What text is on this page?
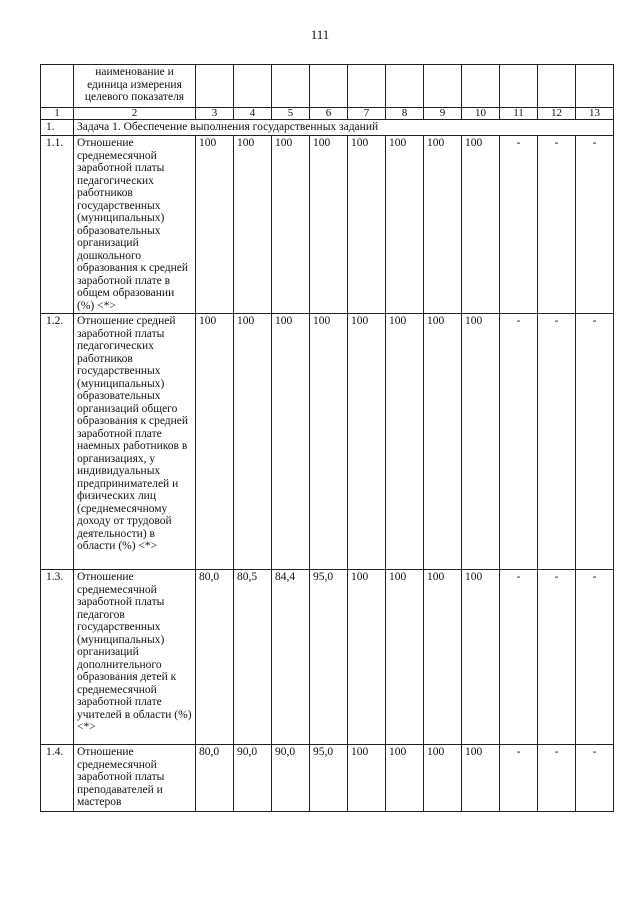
111
	наименование и единица измерения целевого показателя											
1	2	3	4	5	6	7	8	9	10	11	12	13
1.	Задача 1. Обеспечение выполнения государственных заданий											
1.1.	Отношение среднемесячной заработной платы педагогических работников государственных (муниципальных) образовательных организаций дошкольного образования к средней заработной плате в общем образовании (%) <*>	100	100	100	100	100	100	100	100	-	-	-
1.2.	Отношение средней заработной платы педагогических работников государственных (муниципальных) образовательных организаций общего образования к средней заработной плате наемных работников в организациях, у индивидуальных предпринимателей и физических лиц (среднемесячному доходу от трудовой деятельности) в области (%) <*>	100	100	100	100	100	100	100	100	-	-	-
1.3.	Отношение среднемесячной заработной платы педагогов государственных (муниципальных) организаций дополнительного образования детей к среднемесячной заработной плате учителей в области (%) <*>	80,0	80,5	84,4	95,0	100	100	100	100	-	-	-
1.4.	Отношение среднемесячной заработной платы преподавателей и мастеров	80,0	90,0	90,0	95,0	100	100	100	100	-	-	-
